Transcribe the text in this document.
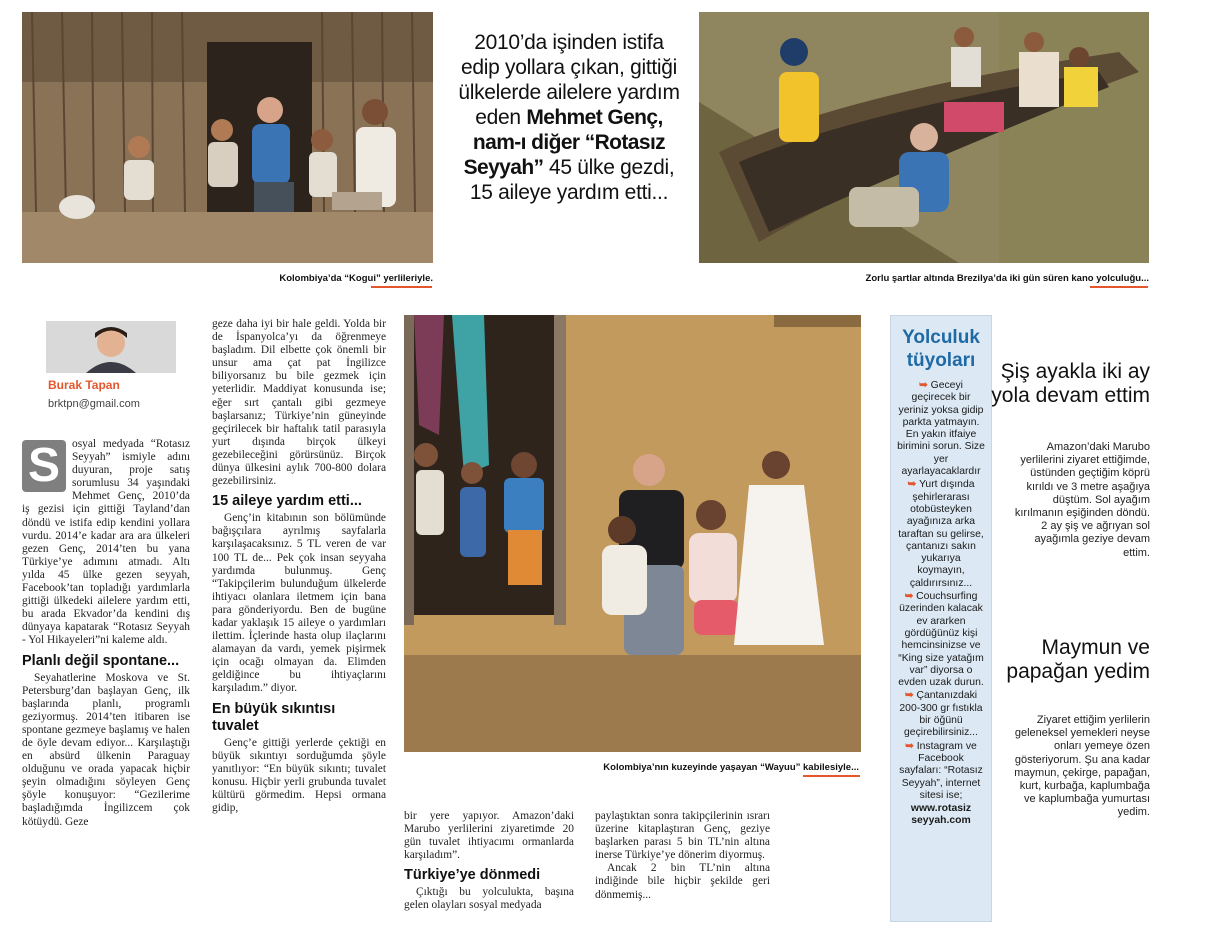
Kolombiya’da “Kogui” yerlileriyle.
2010’da işinden istifa edip yollara çıkan, gittiği ülkelerde ailelere yardım eden Mehmet Genç, nam-ı diğer “Rotasız Seyyah” 45 ülke gezdi, 15 aileye yardım etti...
Zorlu şartlar altında Brezilya’da iki gün süren kano yolculuğu...
Burak Tapan
brktpn@gmail.com

S	osyal medyada “Rotasız Seyyah” ismiyle adını duyuran, proje satış sorumlusu 34 yaşındaki Mehmet Genç, 2010’da iş gezisi için gittiği Tayland’dan döndü ve istifa edip kendini yollara vurdu. 2014’e kadar ara ara ülkeleri gezen Genç, 2014’ten bu yana Türkiye’ye adımını atmadı. Altı yılda 45 ülke gezen seyyah, Facebook’tan topladığı yardımlarla gittiği ülkedeki ailelere yardım etti, bu arada Ekvador’da kendini dış dünyaya kapatarak “Rotasız Seyyah - Yol Hikayeleri”ni kaleme aldı.

Planlı değil spontane...

Seyahatlerine Moskova ve St. Petersburg’dan başlayan Genç, ilk başlarında planlı, programlı geziyormuş. 2014’ten itibaren ise spontane gezmeye başlamış ve halen de öyle devam ediyor... Karşılaştığı en absürd ülkenin Paraguay olduğunu ve orada yapacak hiçbir şeyin olmadığını söyleyen Genç şöyle konuşuyor: “Gezilerime başladığımda İngilizcem çok kötüydü. Geze

geze daha iyi bir hale geldi. Yolda bir de İspanyolca’yı da öğrenmeye başladım. Dil elbette çok önemli bir unsur ama çat pat İngilizce biliyorsanız bu bile gezmek için yeterlidir. Maddiyat konusunda ise; eğer sırt çantalı gibi gezmeye başlarsanız; Türkiye’nin güneyinde geçirilecek bir haftalık tatil parasıyla yurt dışında birçok ülkeyi gezebileceğini görürsünüz. Birçok dünya ülkesini aylık 700-800 dolara gezebilirsiniz.

15 aileye yardım etti...

Genç’in kitabının son bölümünde bağışçılara ayrılmış sayfalarla karşılaşacaksınız. 5 TL veren de var 100 TL de... Pek çok insan seyyaha yardımda bulunmuş. Genç “Takipçilerim bulunduğum ülkelerde ihtiyacı olanlara iletmem için bana para gönderiyordu. Ben de bugüne kadar yaklaşık 15 aileye o yardımları ilettim. İçlerinde hasta olup ilaçlarını alamayan da vardı, yemek pişirmek için ocağı olmayan da. Elimden geldiğince bu ihtiyaçlarını karşıladım.” diyor.

En büyük sıkıntısı tuvalet

Genç’e gittiği yerlerde çektiği en büyük sıkıntıyı sorduğumda şöyle yanıtlıyor: “En büyük sıkıntı; tuvalet konusu. Hiçbir yerli grubunda tuvalet kültürü görmedim. Hepsi ormana gidip,

Kolombiya’nın kuzeyinde yaşayan “Wayuu” kabilesiyle...

bir yere yapıyor. Amazon’daki Marubo yerlilerini ziyaretimde 20 gün tuvalet ihtiyacımı ormanlarda karşıladım”.

Türkiye’ye dönmedi

Çıktığı bu yolculukta, başına gelen olayları sosyal medyada

paylaştıktan sonra takipçilerinin ısrarı üzerine kitaplaştıran Genç, geziye başlarken parası 5 bin TL’nin altına inerse Türkiye’ye dönerim diyormuş.

Ancak 2 bin TL’nin altına indiğinde bile hiçbir şekilde geri dönmemiş...

Yolculuk tüyoları
➥ Geceyi geçirecek bir yeriniz yoksa gidip parkta yatmayın. En yakın itfaiye birimini sorun. Size yer ayarlayacaklardır
➥ Yurt dışında şehirlerarası otobüsteyken ayağınıza arka taraftan su gelirse, çantanızı sakın yukarıya koymayın, çaldırırsınız...
➥ Couchsurfing üzerinden kalacak ev ararken gördüğünüz kişi hemcinsinizse ve “King size yatağım var” diyorsa o evden uzak durun.
➥ Çantanızdaki 200-300 gr fıstıkla bir öğünü geçirebilirsiniz...
➥ Instagram ve Facebook sayfaları: “Rotasız Seyyah”, internet sitesi ise;
www.rotasiz seyyah.com
Şiş ayakla iki ay yola devam ettim
Amazon’daki Marubo yerlilerini ziyaret ettiğimde, üstünden geçtiğim köprü kırıldı ve 3 metre aşağıya düştüm. Sol ayağım kırılmanın eşiğinden döndü. 2 ay şiş ve ağrıyan sol ayağımla geziye devam ettim.
Maymun ve papağan yedim
Ziyaret ettiğim yerlilerin geleneksel yemekleri neyse onları yemeye özen gösteriyorum. Şu ana kadar maymun, çekirge, papağan, kurt, kurbağa, kaplumbağa ve kaplumbağa yumurtası yedim.
